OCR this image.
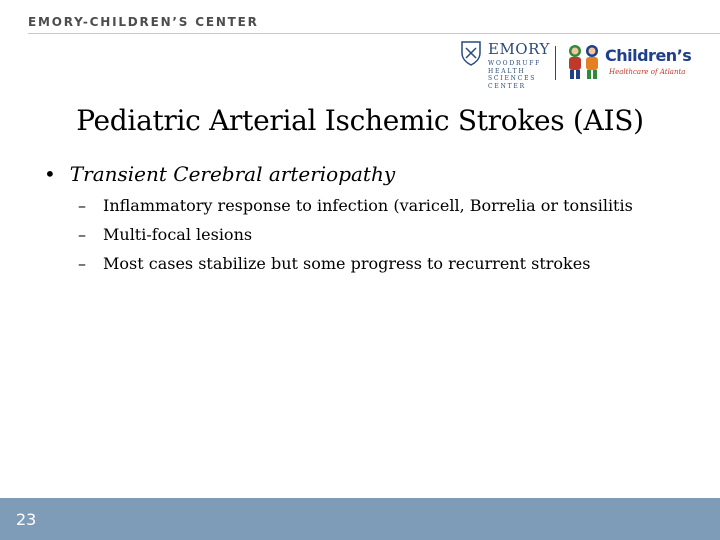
EMORY-CHILDREN’S CENTER
EMORY
WOODRUFF
HEALTH
SCIENCES
CENTER
Children’s
Healthcare of Atlanta
Pediatric Arterial Ischemic Strokes (AIS)
• Transient Cerebral arteriopathy
– Inflammatory response to infection (varicell, Borrelia or tonsilitis
– Multi-focal lesions
– Most cases stabilize but some progress to recurrent strokes
23
